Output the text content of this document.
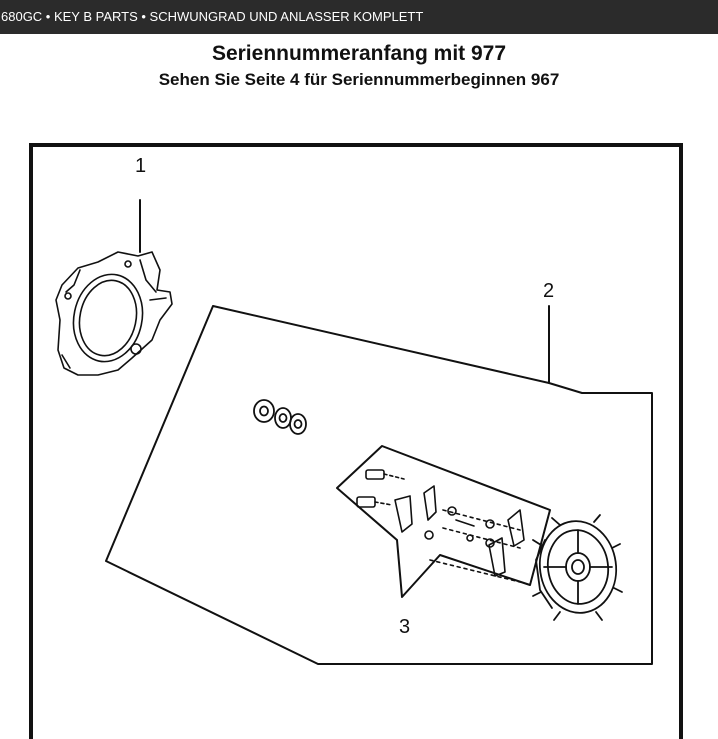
680GC • KEY B PARTS • SCHWUNGRAD UND ANLASSER KOMPLETT
Seriennummeranfang mit 977
Sehen Sie Seite 4 für Seriennummerbeginnen 967
1
2
3
